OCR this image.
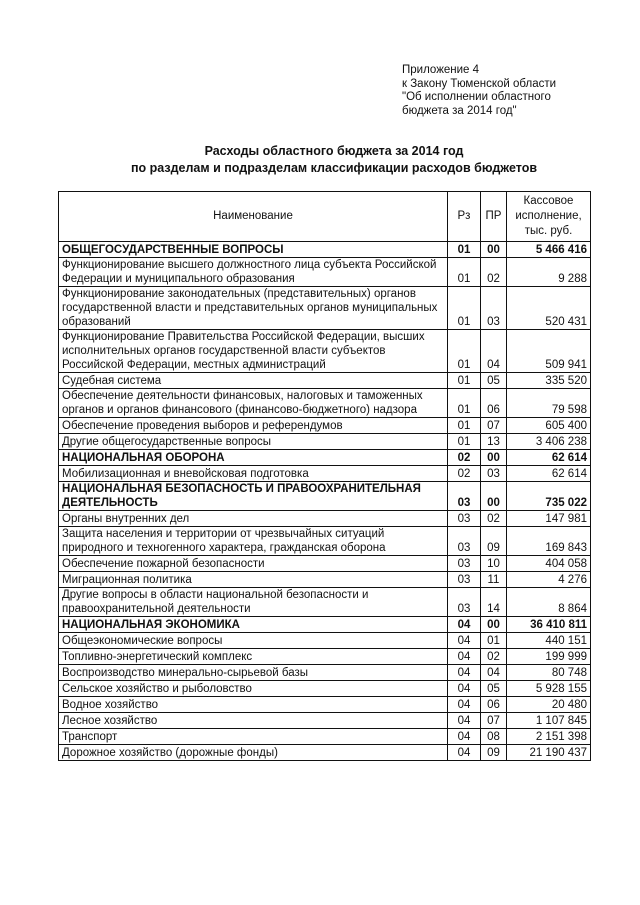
Приложение 4
к Закону Тюменской области
"Об исполнении областного
бюджета за 2014 год"
Расходы областного бюджета за 2014 год
по разделам и подразделам классификации расходов бюджетов
Наименование	Рз	ПР	Кассовое исполнение, тыс. руб.
ОБЩЕГОСУДАРСТВЕННЫЕ ВОПРОСЫ	01	00	5 466 416
Функционирование высшего должностного лица субъекта Российской Федерации и муниципального образования	01	02	9 288
Функционирование законодательных (представительных) органов государственной власти и представительных органов муниципальных образований	01	03	520 431
Функционирование Правительства Российской Федерации, высших исполнительных органов государственной власти субъектов Российской Федерации, местных администраций	01	04	509 941
Судебная система	01	05	335 520
Обеспечение деятельности финансовых, налоговых и таможенных органов и органов финансового (финансово-бюджетного) надзора	01	06	79 598
Обеспечение проведения выборов и референдумов	01	07	605 400
Другие общегосударственные вопросы	01	13	3 406 238
НАЦИОНАЛЬНАЯ ОБОРОНА	02	00	62 614
Мобилизационная и вневойсковая подготовка	02	03	62 614
НАЦИОНАЛЬНАЯ БЕЗОПАСНОСТЬ И ПРАВООХРАНИТЕЛЬНАЯ ДЕЯТЕЛЬНОСТЬ	03	00	735 022
Органы внутренних дел	03	02	147 981
Защита населения и территории от чрезвычайных ситуаций природного и техногенного характера, гражданская оборона	03	09	169 843
Обеспечение пожарной безопасности	03	10	404 058
Миграционная политика	03	11	4 276
Другие вопросы в области национальной безопасности и правоохранительной деятельности	03	14	8 864
НАЦИОНАЛЬНАЯ ЭКОНОМИКА	04	00	36 410 811
Общеэкономические вопросы	04	01	440 151
Топливно-энергетический комплекс	04	02	199 999
Воспроизводство минерально-сырьевой базы	04	04	80 748
Сельское хозяйство и рыболовство	04	05	5 928 155
Водное хозяйство	04	06	20 480
Лесное хозяйство	04	07	1 107 845
Транспорт	04	08	2 151 398
Дорожное хозяйство (дорожные фонды)	04	09	21 190 437
